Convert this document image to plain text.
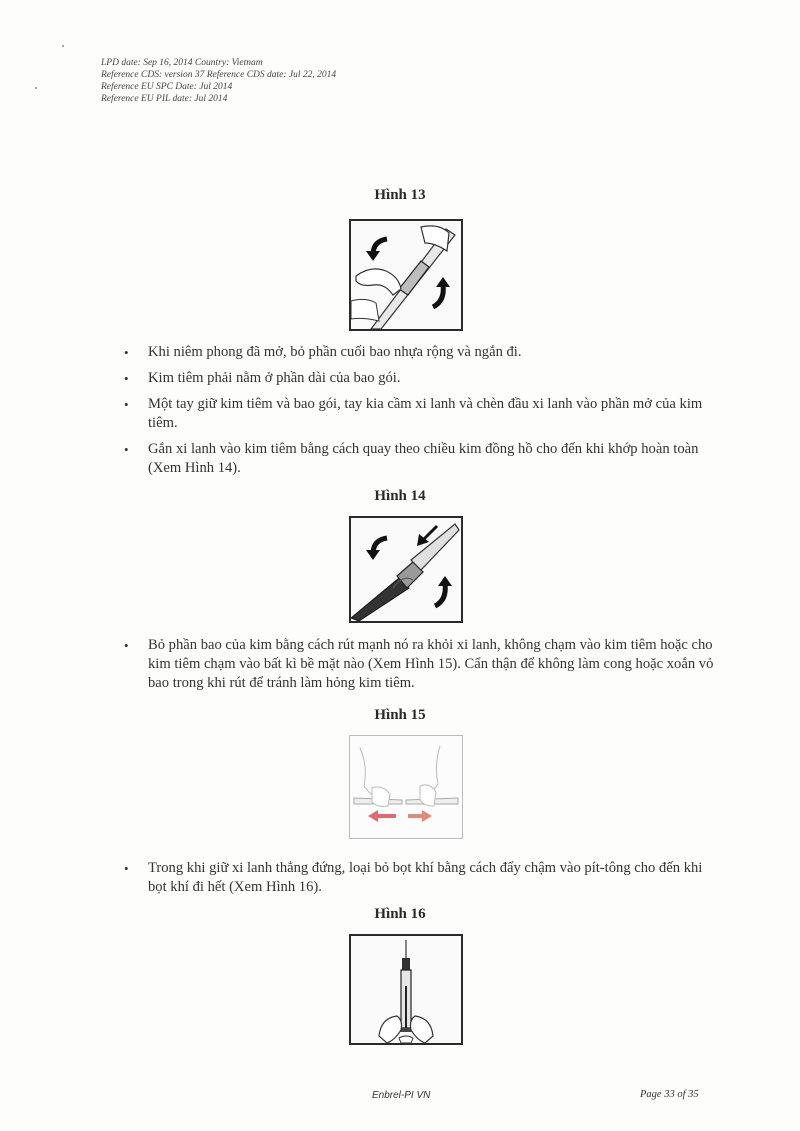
LPD date: Sep 16, 2014 Country: Vietnam
Reference CDS: version 37 Reference CDS date: Jul 22, 2014
Reference EU SPC Date: Jul 2014
Reference EU PIL date: Jul 2014
Hình 13
• Khi niêm phong đã mở, bỏ phần cuối bao nhựa rộng và ngắn đi.
• Kim tiêm phải nằm ở phần dài của bao gói.
• Một tay giữ kim tiêm và bao gói, tay kia cầm xi lanh và chèn đầu xi lanh vào phần mở của kim tiêm.
• Gắn xi lanh vào kim tiêm bằng cách quay theo chiều kim đồng hồ cho đến khi khớp hoàn toàn (Xem Hình 14).
Hình 14
• Bỏ phần bao của kim bằng cách rút mạnh nó ra khỏi xi lanh, không chạm vào kim tiêm hoặc cho kim tiêm chạm vào bất kì bề mặt nào (Xem Hình 15). Cẩn thận để không làm cong hoặc xoắn vỏ bao trong khi rút để tránh làm hỏng kim tiêm.
Hình 15
• Trong khi giữ xi lanh thẳng đứng, loại bỏ bọt khí bằng cách đẩy chậm vào pít-tông cho đến khi bọt khí đi hết (Xem Hình 16).
Hình 16
Enbrel-PI VN	Page 33 of 35
